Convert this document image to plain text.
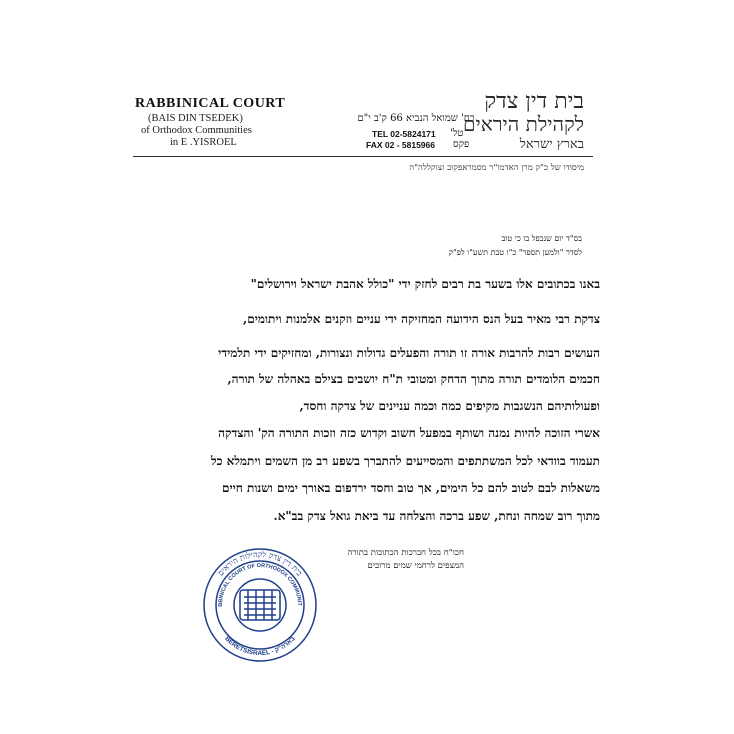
RABBINICAL COURT
(BAIS DIN TSEDEK)
of Orthodox Communities
in E .YISROEL
רח' שמואל הנביא 66 ק'ב י"ם
TEL 02-5824171 טל'
FAX 02 - 5815966 פקס
בית דין צדק
לקהילת היראים
בארץ ישראל
מיסודו של כ"ק מרן האדמו"ר מסמראפקוב זצוקללה"ה
בס"ד יום שנכפל בו כי טוב
לסדר "ולמען תספר" כ"ו טבת תשע"ו לפ"ק
באנו בכתובים אלו בשער בת רבים לחזק ידי "כולל אהבת ישראל וירושלים"
צדקת רבי מאיר בעל הנס הידועה המחזיקה ידי עניים וזקנים אלמנות ויתומים,
העושים רבות להרבות אורה זו תורה והפעלים גדולות ונצורות, ומחזיקים ידי תלמידי
חכמים הלומדים תורה מתוך הדחק ומטובי ת"ח יושבים בצילם באהלה של תורה,
ופעולותיהם הנשגבות מקיפים כמה וכמה עניינים של צדקה וחסד,
אשרי הזוכה להיות נמנה ושותף במפעל חשוב וקדוש כזה וזכות התורה הק' והצדקה
תעמוד בוודאי לכל המשתתפים והמסייעים להתברך בשפע רב מן השמים ויתמלא כל
משאלות לבם לטוב להם כל הימים, אך טוב וחסד ירדפום באורך ימים ושנות חיים
מתוך רוב שמחה ונחת, שפע ברכה והצלחה עד ביאת גואל צדק בב"א.
חכו"ח בכל חברכות הכתובות בתורה
המצפים לרחמי שמים מרובים
בית דין צדק לקהילות היראים
BBINICAL COURT OF ORTHODOX COMMUNIT
BERETSISRAEL - בארה"ק
